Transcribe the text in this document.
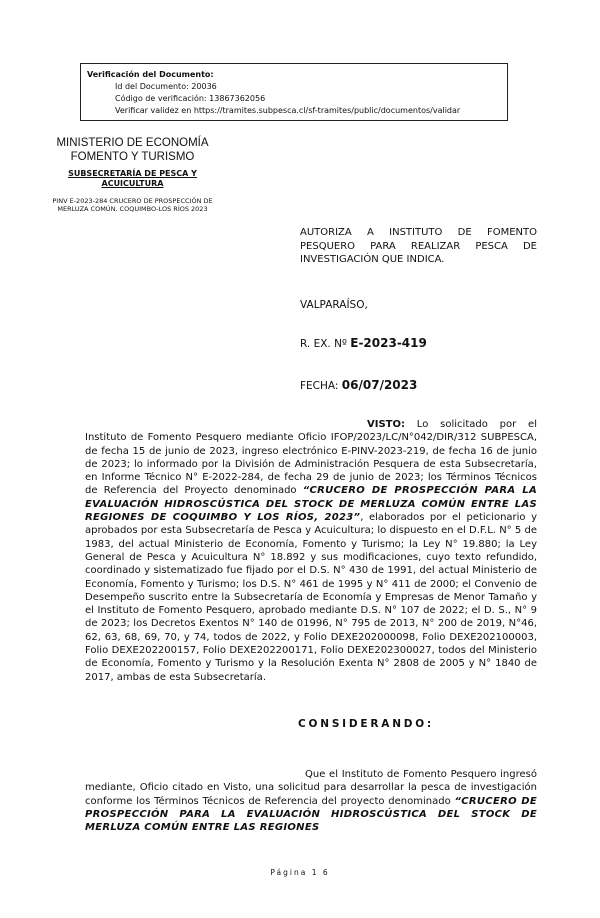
Verificación del Documento:
• Id del Documento: 20036
• Código de verificación: 13867362056
• Verificar validez en https://tramites.subpesca.cl/sf-tramites/public/documentos/validar
MINISTERIO DE ECONOMÍA
FOMENTO Y TURISMO
SUBSECRETARÍA DE PESCA Y ACUICULTURA
PINV E-2023-284 CRUCERO DE PROSPECCIÓN DE MERLUZA COMÚN. COQUIMBO-LOS RÍOS 2023
AUTORIZA A INSTITUTO DE FOMENTO PESQUERO PARA REALIZAR PESCA DE INVESTIGACIÓN QUE INDICA.
VALPARAÍSO,
R. EX. Nº E-2023-419
FECHA: 06/07/2023
VISTO: Lo solicitado por el Instituto de Fomento Pesquero mediante Oficio IFOP/2023/LC/N°042/DIR/312 SUBPESCA, de fecha 15 de junio de 2023, ingreso electrónico E-PINV-2023-219, de fecha 16 de junio de 2023; lo informado por la División de Administración Pesquera de esta Subsecretaría, en Informe Técnico N° E-2022-284, de fecha 29 de junio de 2023; los Términos Técnicos de Referencia del Proyecto denominado “CRUCERO DE PROSPECCIÓN PARA LA EVALUACIÓN HIDROSCÚSTICA DEL STOCK DE MERLUZA COMÚN ENTRE LAS REGIONES DE COQUIMBO Y LOS RÍOS, 2023”, elaborados por el peticionario y aprobados por esta Subsecretaría de Pesca y Acuicultura; lo dispuesto en el D.F.L. N° 5 de 1983, del actual Ministerio de Economía, Fomento y Turismo; la Ley N° 19.880; la Ley General de Pesca y Acuicultura N° 18.892 y sus modificaciones, cuyo texto refundido, coordinado y sistematizado fue fijado por el D.S. N° 430 de 1991, del actual Ministerio de Economía, Fomento y Turismo; los D.S. N° 461 de 1995 y N° 411 de 2000; el Convenio de Desempeño suscrito entre la Subsecretaría de Economía y Empresas de Menor Tamaño y el Instituto de Fomento Pesquero, aprobado mediante D.S. N° 107 de 2022; el D. S., N° 9 de 2023; los Decretos Exentos N° 140 de 01996, N° 795 de 2013, N° 200 de 2019, N°46, 62, 63, 68, 69, 70, y 74, todos de 2022, y Folio DEXE202000098, Folio DEXE202100003, Folio DEXE202200157, Folio DEXE202200171, Folio DEXE202300027, todos del Ministerio de Economía, Fomento y Turismo y la Resolución Exenta N° 2808 de 2005 y N° 1840 de 2017, ambas de esta Subsecretaría.
CONSIDERANDO:
Que el Instituto de Fomento Pesquero ingresó mediante, Oficio citado en Visto, una solicitud para desarrollar la pesca de investigación conforme los Términos Técnicos de Referencia del proyecto denominado “CRUCERO DE PROSPECCIÓN PARA LA EVALUACIÓN HIDROSCÚSTICA DEL STOCK DE MERLUZA COMÚN ENTRE LAS REGIONES
Página 1 6
